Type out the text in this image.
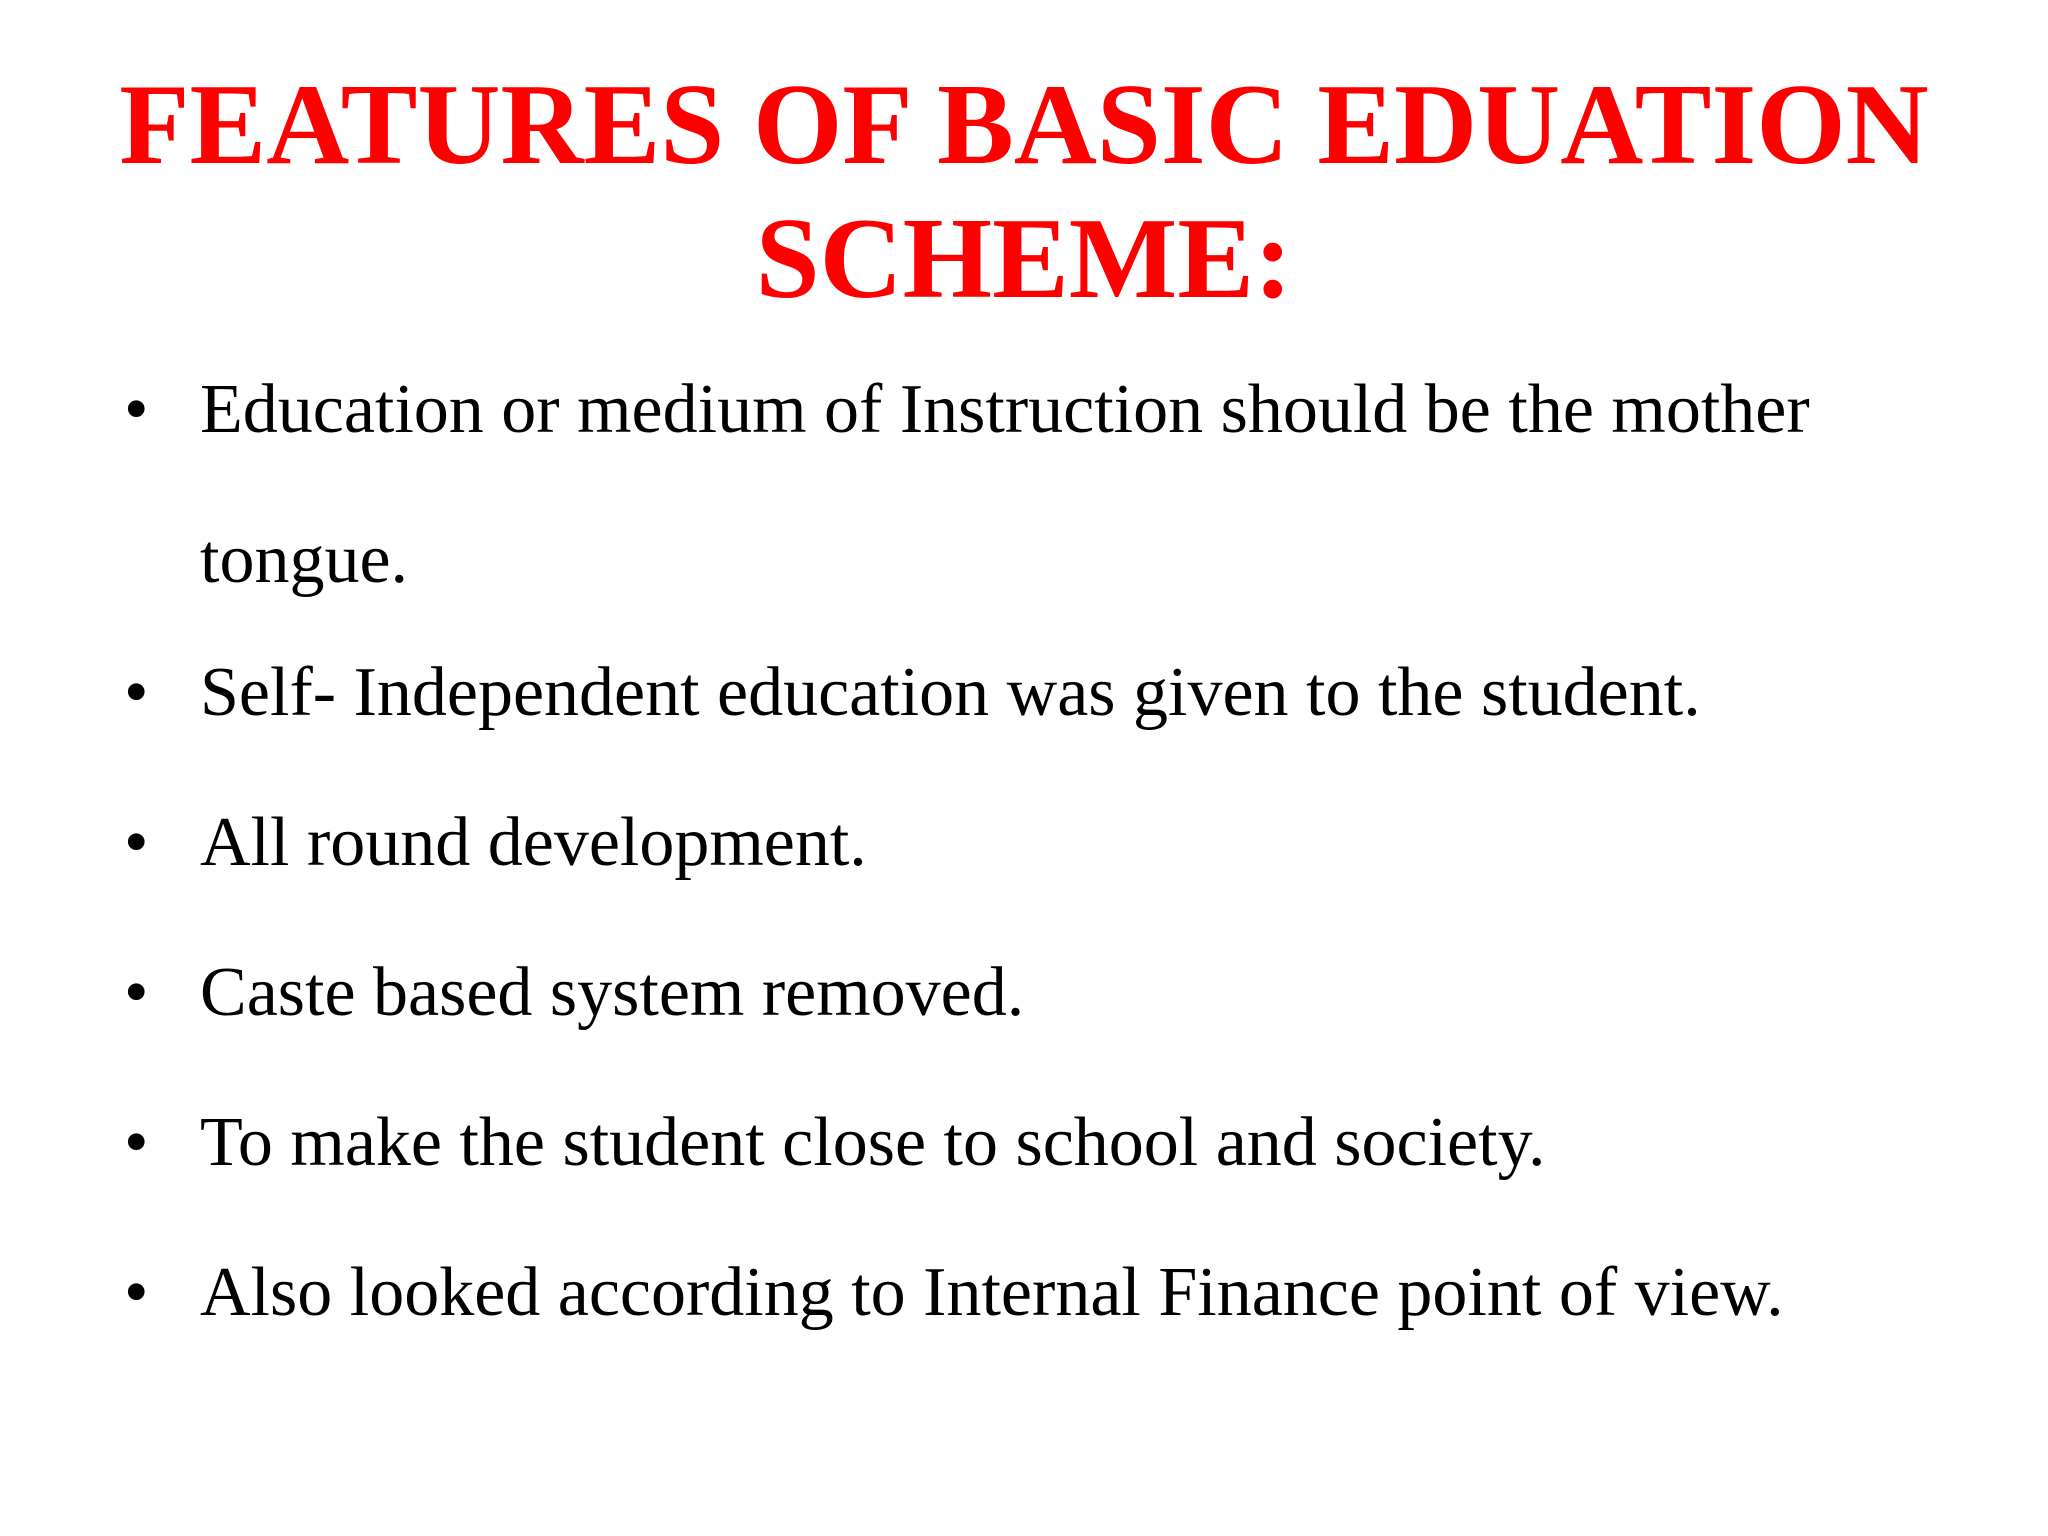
FEATURES OF BASIC EDUATION
SCHEME:
• Education or medium of Instruction should be the mother tongue.
• Self- Independent education was given to the student.
• All round development.
• Caste based system removed.
• To make the student close to school and society.
• Also looked according to Internal Finance point of view.
